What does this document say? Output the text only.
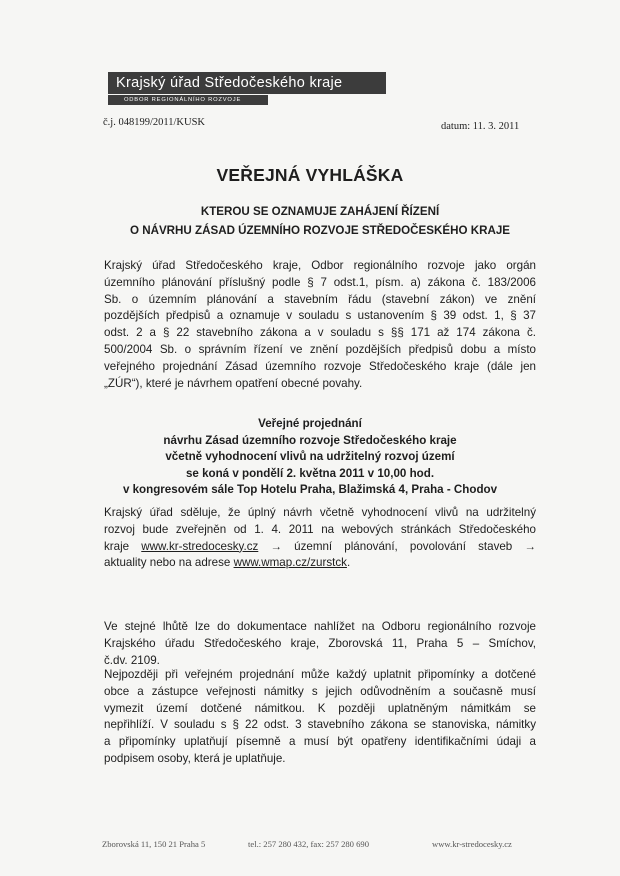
Krajský úřad Středočeského kraje
ODBOR REGIONÁLNÍHO ROZVOJE
č.j. 048199/2011/KUSK	datum: 11. 3. 2011
VEŘEJNÁ VYHLÁŠKA
KTEROU SE OZNAMUJE ZAHÁJENÍ ŘÍZENÍ
O NÁVRHU ZÁSAD ÚZEMNÍHO ROZVOJE STŘEDOČESKÉHO KRAJE
Krajský úřad Středočeského kraje, Odbor regionálního rozvoje jako orgán
územního plánování příslušný podle § 7 odst.1, písm. a) zákona č. 183/2006
Sb. o územním plánování a stavebním řádu (stavební zákon) ve znění
pozdějších předpisů a oznamuje v souladu s ustanovením § 39 odst. 1, § 37
odst. 2 a § 22 stavebního zákona a v souladu s §§ 171 až 174 zákona č.
500/2004 Sb. o správním řízení ve znění pozdějších předpisů dobu a místo
veřejného projednání Zásad územního rozvoje Středočeského kraje (dále jen
„ZÚR“), které je návrhem opatření obecné povahy.
Veřejné projednání
návrhu Zásad územního rozvoje Středočeského kraje
včetně vyhodnocení vlivů na udržitelný rozvoj území
se koná v pondělí 2. května 2011 v 10,00 hod.
v kongresovém sále Top Hotelu Praha, Blažimská 4, Praha - Chodov
Krajský úřad sděluje, že úplný návrh včetně vyhodnocení vlivů na udržitelný
rozvoj bude zveřejněn od 1. 4. 2011 na webových stránkách Středočeského
kraje www.kr-stredocesky.cz → územní plánování, povolování staveb →
aktuality nebo na adrese www.wmap.cz/zurstck.
Ve stejné lhůtě lze do dokumentace nahlížet na Odboru regionálního rozvoje
Krajského úřadu Středočeského kraje, Zborovská 11, Praha 5 – Smíchov,
č.dv. 2109.
Nejpozději při veřejném projednání může každý uplatnit připomínky a dotčené
obce a zástupce veřejnosti námitky s jejich odůvodněním a současně musí
vymezit území dotčené námitkou. K později uplatněným námitkám se
nepřihlíží. V souladu s § 22 odst. 3 stavebního zákona se stanoviska, námitky
a připomínky uplatňují písemně a musí být opatřeny identifikačními údaji a
podpisem osoby, která je uplatňuje.
Zborovská 11, 150 21 Praha 5	tel.: 257 280 432, fax: 257 280 690	www.kr-stredocesky.cz
